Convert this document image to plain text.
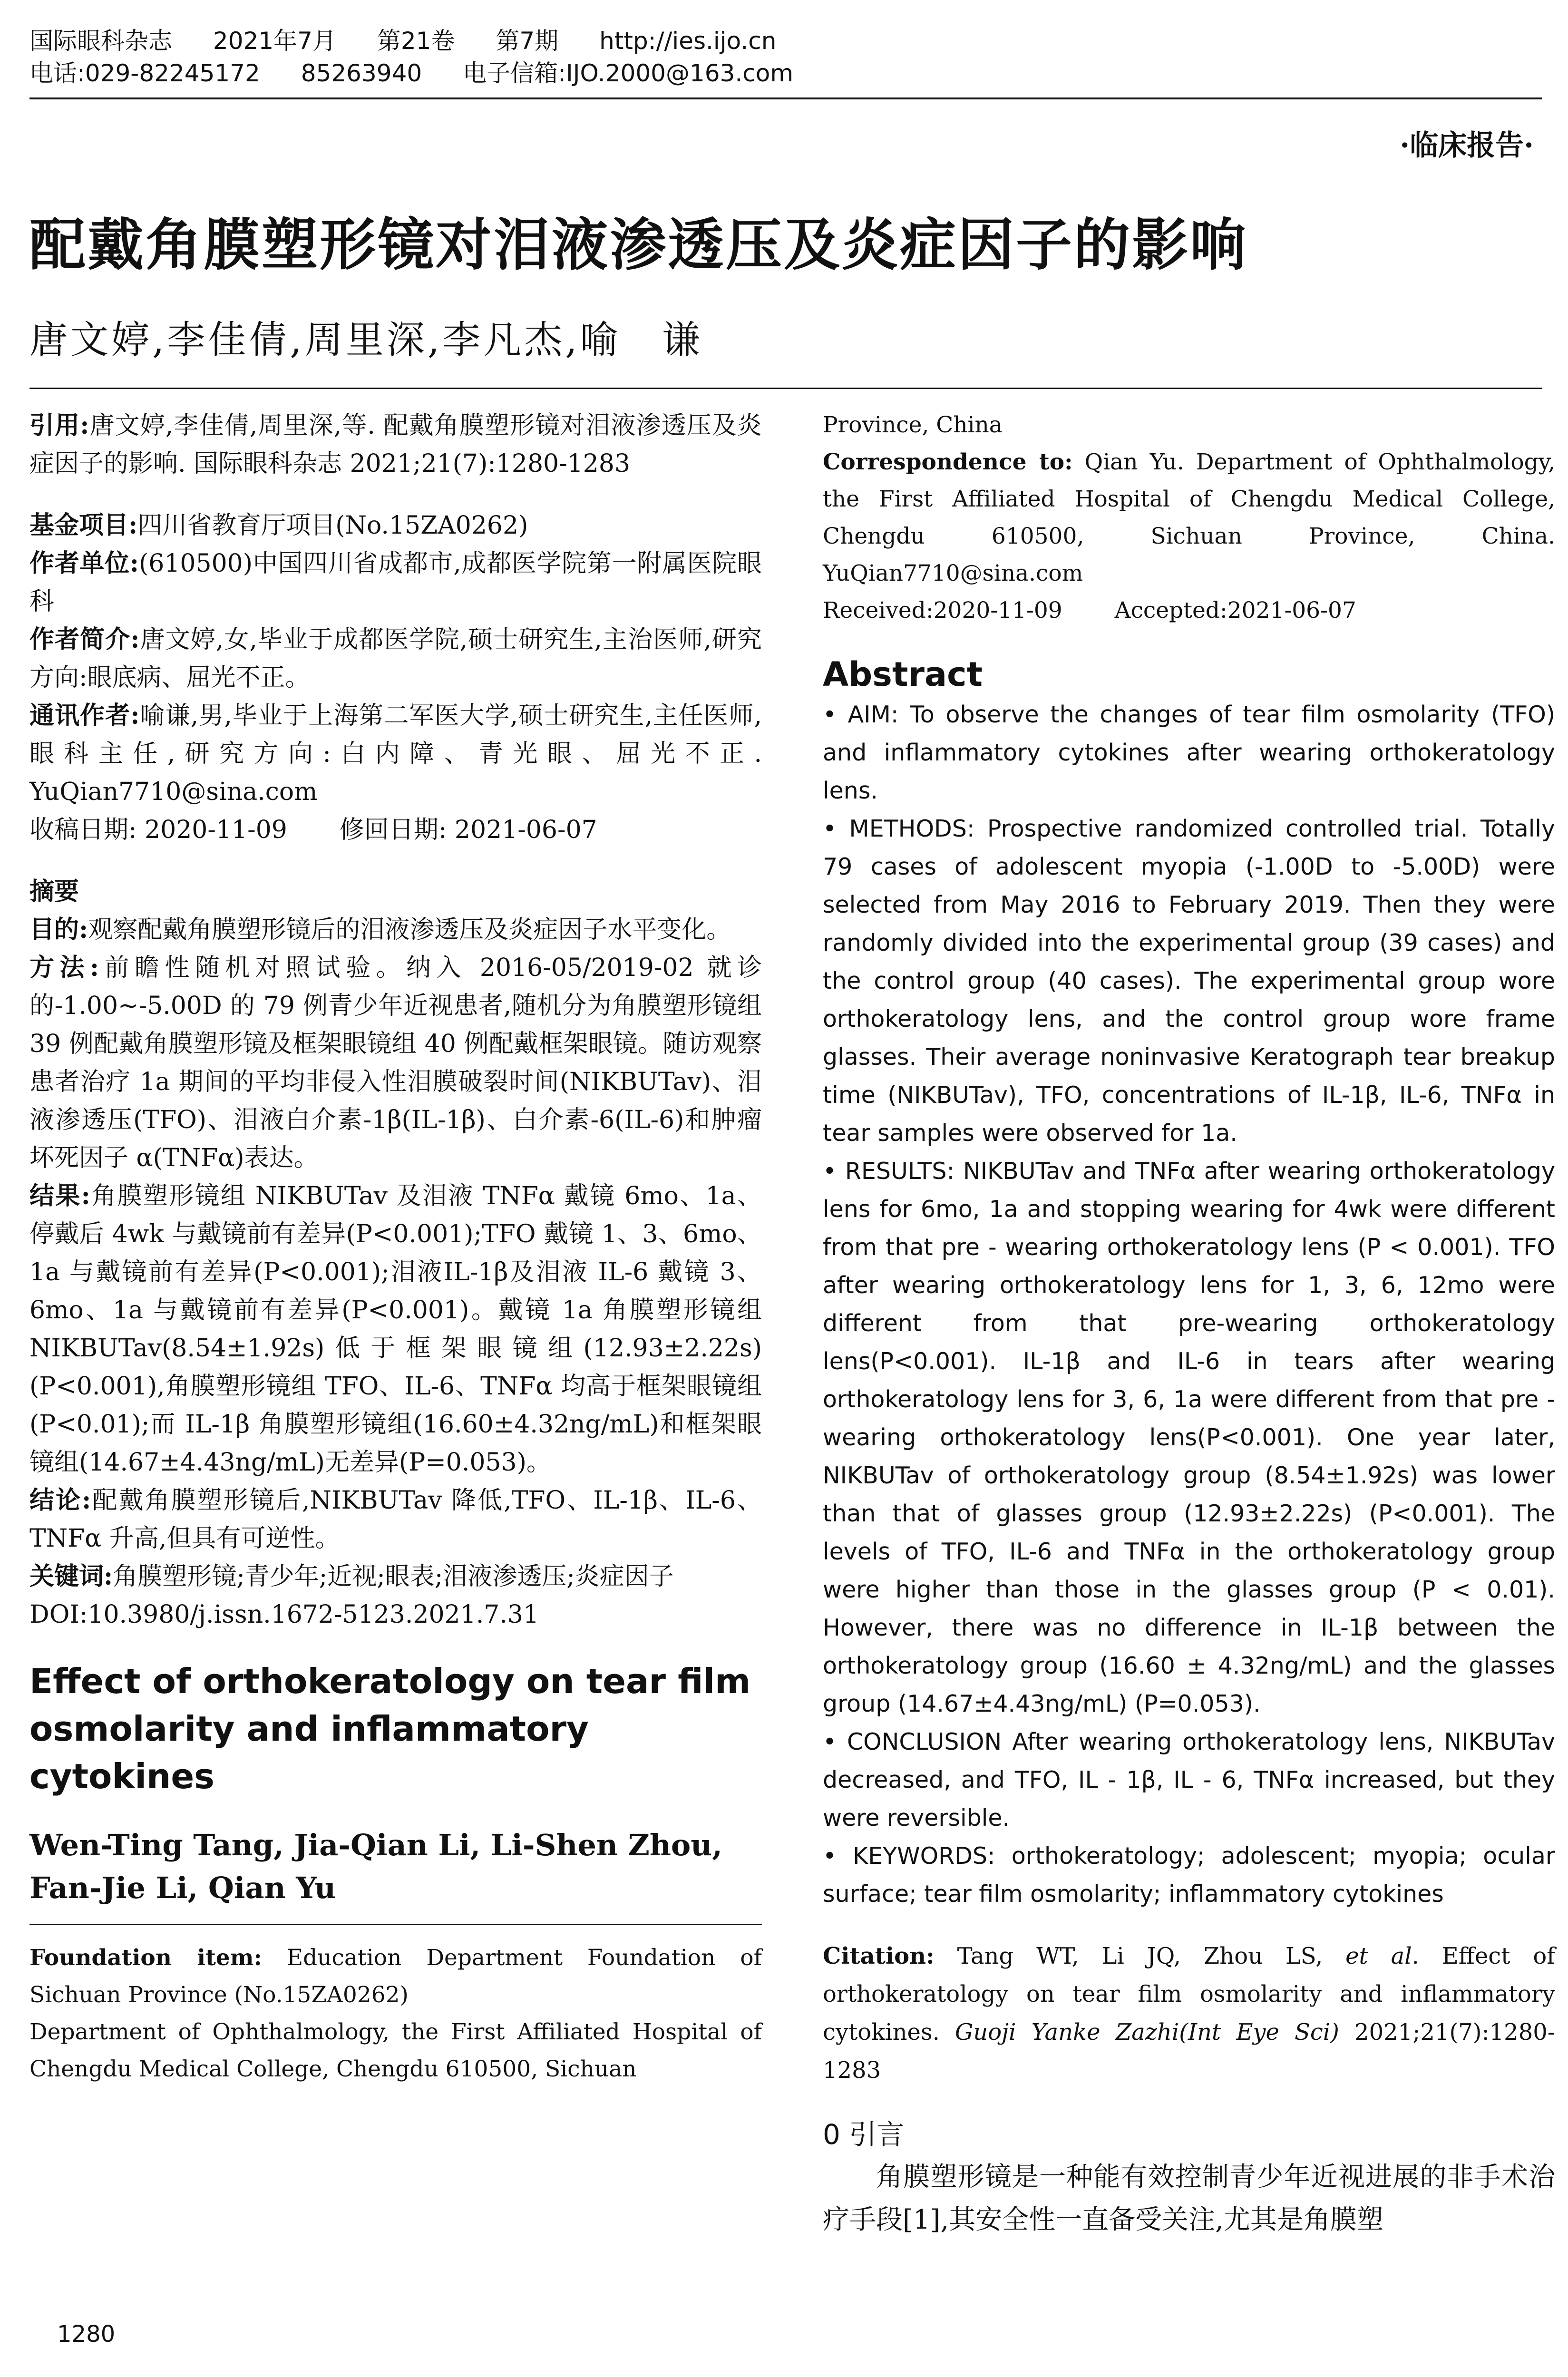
国际眼科杂志 2021年7月 第21卷 第7期 http://ies.ijo.cn
电话:029-82245172 85263940 电子信箱:IJO.2000@163.com
·临床报告·
配戴角膜塑形镜对泪液渗透压及炎症因子的影响
唐文婷,李佳倩,周里深,李凡杰,喻　谦
引用:唐文婷,李佳倩,周里深,等. 配戴角膜塑形镜对泪液渗透压及炎症因子的影响. 国际眼科杂志 2021;21(7):1280-1283
基金项目:四川省教育厅项目(No.15ZA0262)
作者单位:(610500)中国四川省成都市,成都医学院第一附属医院眼科
作者简介:唐文婷,女,毕业于成都医学院,硕士研究生,主治医师,研究方向:眼底病、屈光不正。
通讯作者:喻谦,男,毕业于上海第二军医大学,硕士研究生,主任医师,眼科主任,研究方向:白内障、青光眼、屈光不正. YuQian7710@sina.com
收稿日期: 2020-11-09 修回日期: 2021-06-07
摘要
目的:观察配戴角膜塑形镜后的泪液渗透压及炎症因子水平变化。
方法:前瞻性随机对照试验。纳入 2016-05/2019-02 就诊的-1.00~-5.00D 的 79 例青少年近视患者,随机分为角膜塑形镜组 39 例配戴角膜塑形镜及框架眼镜组 40 例配戴框架眼镜。随访观察患者治疗 1a 期间的平均非侵入性泪膜破裂时间(NIKBUTav)、泪液渗透压(TFO)、泪液白介素-1β(IL-1β)、白介素-6(IL-6)和肿瘤坏死因子 α(TNFα)表达。
结果:角膜塑形镜组 NIKBUTav 及泪液 TNFα 戴镜 6mo、1a、停戴后 4wk 与戴镜前有差异(P<0.001);TFO 戴镜 1、3、6mo、1a 与戴镜前有差异(P<0.001);泪液IL-1β及泪液 IL-6 戴镜 3、6mo、1a 与戴镜前有差异(P<0.001)。戴镜 1a 角膜塑形镜组 NIKBUTav(8.54±1.92s)低于框架眼镜组(12.93±2.22s)(P<0.001),角膜塑形镜组 TFO、IL-6、TNFα 均高于框架眼镜组(P<0.01);而 IL-1β 角膜塑形镜组(16.60±4.32ng/mL)和框架眼镜组(14.67±4.43ng/mL)无差异(P=0.053)。
结论:配戴角膜塑形镜后,NIKBUTav 降低,TFO、IL-1β、IL-6、TNFα 升高,但具有可逆性。
关键词:角膜塑形镜;青少年;近视;眼表;泪液渗透压;炎症因子
DOI:10.3980/j.issn.1672-5123.2021.7.31
Effect of orthokeratology on tear film osmolarity and inflammatory cytokines
Wen-Ting Tang, Jia-Qian Li, Li-Shen Zhou, Fan-Jie Li, Qian Yu
Foundation item: Education Department Foundation of Sichuan Province (No.15ZA0262)
Department of Ophthalmology, the First Affiliated Hospital of Chengdu Medical College, Chengdu 610500, Sichuan
Province, China
Correspondence to: Qian Yu. Department of Ophthalmology, the First Affiliated Hospital of Chengdu Medical College, Chengdu 610500, Sichuan Province, China. YuQian7710@sina.com
Received:2020-11-09 Accepted:2021-06-07
Abstract
• AIM: To observe the changes of tear film osmolarity (TFO) and inflammatory cytokines after wearing orthokeratology lens.
• METHODS: Prospective randomized controlled trial. Totally 79 cases of adolescent myopia (-1.00D to -5.00D) were selected from May 2016 to February 2019. Then they were randomly divided into the experimental group (39 cases) and the control group (40 cases). The experimental group wore orthokeratology lens, and the control group wore frame glasses. Their average noninvasive Keratograph tear breakup time (NIKBUTav), TFO, concentrations of IL-1β, IL-6, TNFα in tear samples were observed for 1a.
• RESULTS: NIKBUTav and TNFα after wearing orthokeratology lens for 6mo, 1a and stopping wearing for 4wk were different from that pre - wearing orthokeratology lens (P < 0.001). TFO after wearing orthokeratology lens for 1, 3, 6, 12mo were different from that pre-wearing orthokeratology lens(P<0.001). IL-1β and IL-6 in tears after wearing orthokeratology lens for 3, 6, 1a were different from that pre - wearing orthokeratology lens(P<0.001). One year later, NIKBUTav of orthokeratology group (8.54±1.92s) was lower than that of glasses group (12.93±2.22s) (P<0.001). The levels of TFO, IL-6 and TNFα in the orthokeratology group were higher than those in the glasses group (P < 0.01). However, there was no difference in IL-1β between the orthokeratology group (16.60 ± 4.32ng/mL) and the glasses group (14.67±4.43ng/mL) (P=0.053).
• CONCLUSION After wearing orthokeratology lens, NIKBUTav decreased, and TFO, IL - 1β, IL - 6, TNFα increased, but they were reversible.
• KEYWORDS: orthokeratology; adolescent; myopia; ocular surface; tear film osmolarity; inflammatory cytokines
Citation: Tang WT, Li JQ, Zhou LS, et al. Effect of orthokeratology on tear film osmolarity and inflammatory cytokines. Guoji Yanke Zazhi(Int Eye Sci) 2021;21(7):1280-1283
0 引言
角膜塑形镜是一种能有效控制青少年近视进展的非手术治疗手段[1],其安全性一直备受关注,尤其是角膜塑
1280
